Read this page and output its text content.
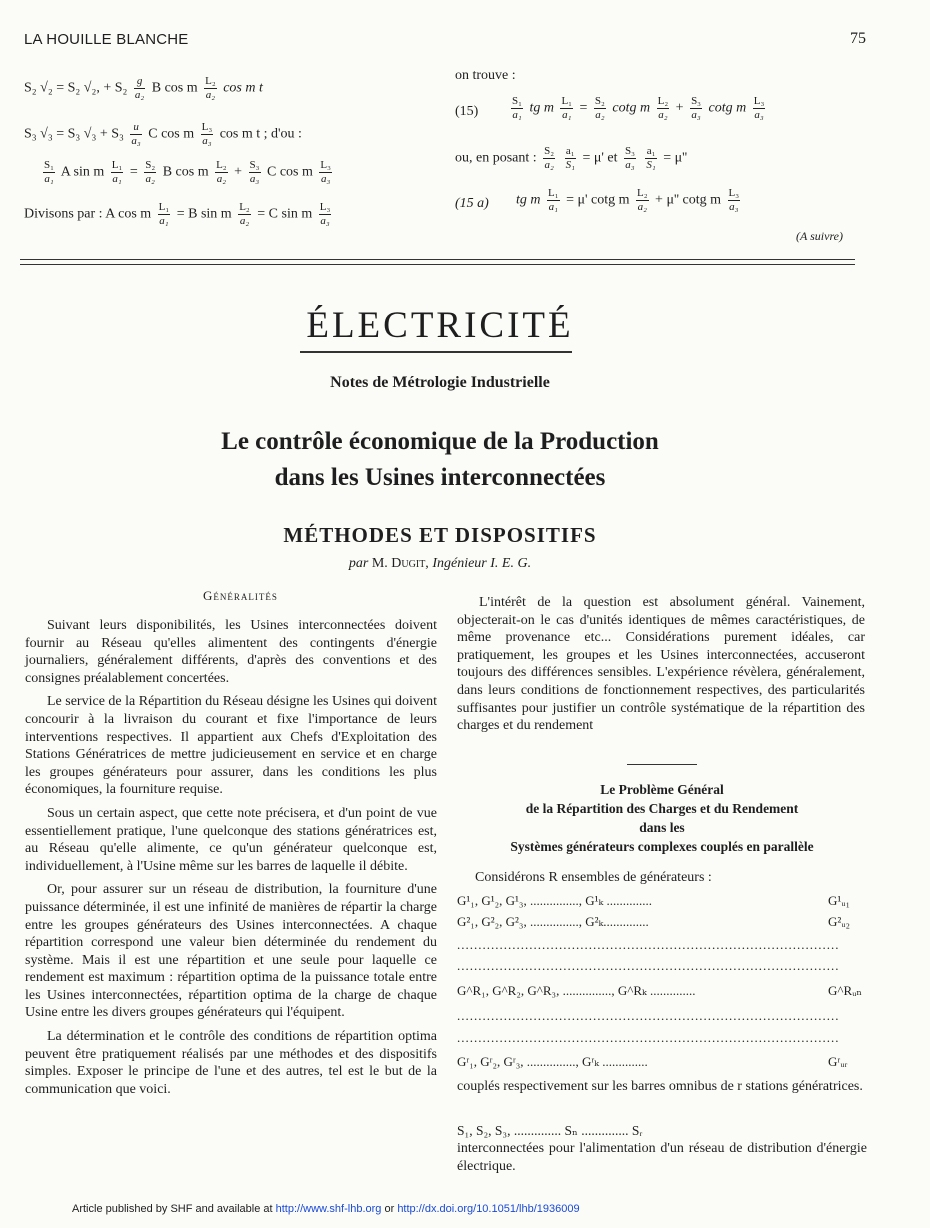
LA HOUILLE BLANCHE	75
S₂ √₂ = S₂ √₂, + $S_2 \frac{g}{\text{a₂}}$ B cos m $\frac{\text{L₂}}{\text{a₂}}$ cos m t
S₃ √₃ = S₃ $√_3 + S_3 \frac{u}{\text{a₃}}$ C cos m $\frac{\text{L₃}}{\text{a₃}}$ cos m t ; d'ou :
$\frac{\text{S₁}}{\text{a₁}}$ A sin m $\frac{\text{L₁}}{\text{a₁}} = \frac{\text{S₂}}{\text{a₂}}$ B cos m $\frac{\text{L₂}}{\text{a₂}} + \frac{\text{S₃}}{\text{a₃}}$ C cos m $\frac{\text{L₃}}{\text{a₃}}$
Divisons par : A cos m $\frac{\text{L₁}}{\text{a₁}} = B$ sin m $\frac{\text{L₂}}{\text{a₂}} = C$ sin m $\frac{\text{L₃}}{\text{a₃}}$
on trouve :
(15)	$\frac{\text{S₁}}{\text{a₁}}$ tg m $\frac{\text{L₁}}{\text{a₁}} = \frac{\text{S₂}}{\text{a₂}}$ cotg m $\frac{\text{L₂}}{\text{a₂}} + \frac{\text{S₃}}{\text{a₃}}$ cotg m $\frac{\text{L₃}}{\text{a₃}}$
ou, en posant : $\frac{\text{S₂}}{\text{a₂}}$
$\frac{\text{a₁}}{\text{S₁}} = \mu'$ et $\frac{\text{S₃}}{\text{a₃}}$
$\frac{\text{a₁}}{\text{S₁}} = \mu''$
(15 a) tg m $\frac{\text{L₁}}{\text{a₁}} = \mu'$ cotg m $\frac{\text{L₂}}{\text{a₂}} + \mu''$ cotg m $\frac{\text{L₃}}{\text{a₃}}$
(A suivre)
ÉLECTRICITÉ
Notes de Métrologie Industrielle
Le contrôle économique de la Production
dans les Usines interconnectées
MÉTHODES ET DISPOSITIFS
par M. Dugit, Ingénieur I. E. G.
Généralités

Suivant leurs disponibilités, les Usines interconnectées doivent fournir au Réseau qu'elles alimentent des contingents d'énergie journaliers, généralement différents, d'après des conventions et des consignes préalablement concertées.

Le service de la Répartition du Réseau désigne les Usines qui doivent concourir à la livraison du courant et fixe l'importance de leurs interventions respectives. Il appartient aux Chefs d'Exploitation des Stations Génératrices de mettre judicieusement en service et en charge les groupes générateurs pour assurer, dans les conditions les plus économiques, la fourniture requise.

Sous un certain aspect, que cette note précisera, et d'un point de vue essentiellement pratique, l'une quelconque des stations génératrices est, au Réseau qu'elle alimente, ce qu'un générateur quelconque est, individuellement, à l'Usine même sur les barres de laquelle il débite.

Or, pour assurer sur un réseau de distribution, la fourniture d'une puissance déterminée, il est une infinité de manières de répartir la charge entre les groupes générateurs des Usines interconnectées. A chaque répartition correspond une valeur bien déterminée du rendement du système. Mais il est une répartition et une seule pour laquelle ce rendement est maximum : répartition optima de la puissance totale entre les Usines interconnectées, répartition optima de la charge de chaque Usine entre les divers groupes générateurs qui l'équipent.

La détermination et le contrôle des conditions de répartition optima peuvent être pratiquement réalisés par une méthodes et des dispositifs simples. Exposer le principe de l'une et des autres, tel est le but de la communication que voici.

L'intérêt de la question est absolument général. Vainement, objecterait-on le cas d'unités identiques de mêmes caractéristiques, de même provenance etc... Considérations purement idéales, car pratiquement, les groupes et les Usines interconnectées, accuseront toujours des différences sensibles. L'expérience révèlera, généralement, dans leurs conditions de fonctionnement respectives, des particularités suffisantes pour justifier un contrôle systématique de la répartition des charges et du rendement

Le Problème Général
de la Répartition des Charges et du Rendement
dans les
Systèmes générateurs complexes couplés en parallèle
Considérons R ensembles de générateurs :
G¹₁, G¹₂, G¹₃, ..............., G¹ₖ ..............	G¹ᵤ₁
G²₁, G²₂, G²₃, ..............., G²ₖ..............	G²ᵤ₂
..........................................................................................
..........................................................................................
G^R₁, G^R₂, G^R₃, ..............., G^Rₖ ..............	G^Rᵤₙ
..........................................................................................
..........................................................................................
Gʳ₁, Gʳ₂, Gʳ₃, ..............., Gʳₖ ..............	Gʳᵤᵣ

couplés respectivement sur les barres omnibus de r stations génératrices.

S₁, S₂, S₃, .............. Sₙ .............. Sᵣ

interconnectées pour l'alimentation d'un réseau de distribution d'énergie électrique.

Article published by SHF and available at http://www.shf-lhb.org or http://dx.doi.org/10.1051/lhb/1936009
